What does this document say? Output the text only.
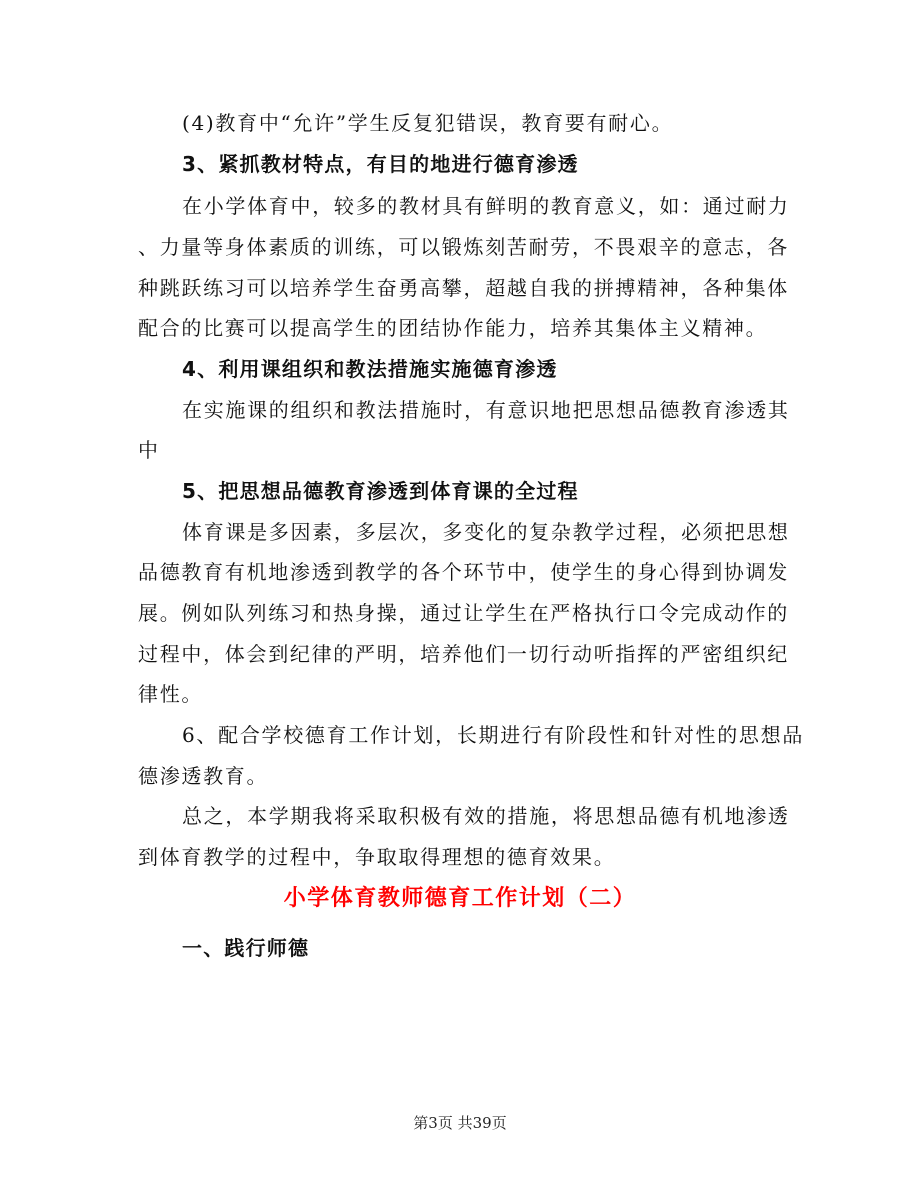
(4)教育中“允许”学生反复犯错误，教育要有耐心。
3、紧抓教材特点，有目的地进行德育渗透
在小学体育中，较多的教材具有鲜明的教育意义，如：通过耐力
、力量等身体素质的训练，可以锻炼刻苦耐劳，不畏艰辛的意志，各
种跳跃练习可以培养学生奋勇高攀，超越自我的拼搏精神，各种集体
配合的比赛可以提高学生的团结协作能力，培养其集体主义精神。
4、利用课组织和教法措施实施德育渗透
在实施课的组织和教法措施时，有意识地把思想品德教育渗透其
中
5、把思想品德教育渗透到体育课的全过程
体育课是多因素，多层次，多变化的复杂教学过程，必须把思想
品德教育有机地渗透到教学的各个环节中，使学生的身心得到协调发
展。例如队列练习和热身操，通过让学生在严格执行口令完成动作的
过程中，体会到纪律的严明，培养他们一切行动听指挥的严密组织纪
律性。
6、配合学校德育工作计划，长期进行有阶段性和针对性的思想品
德渗透教育。
总之，本学期我将采取积极有效的措施，将思想品德有机地渗透
到体育教学的过程中，争取取得理想的德育效果。
小学体育教师德育工作计划（二）
一、践行师德
第3页 共39页
